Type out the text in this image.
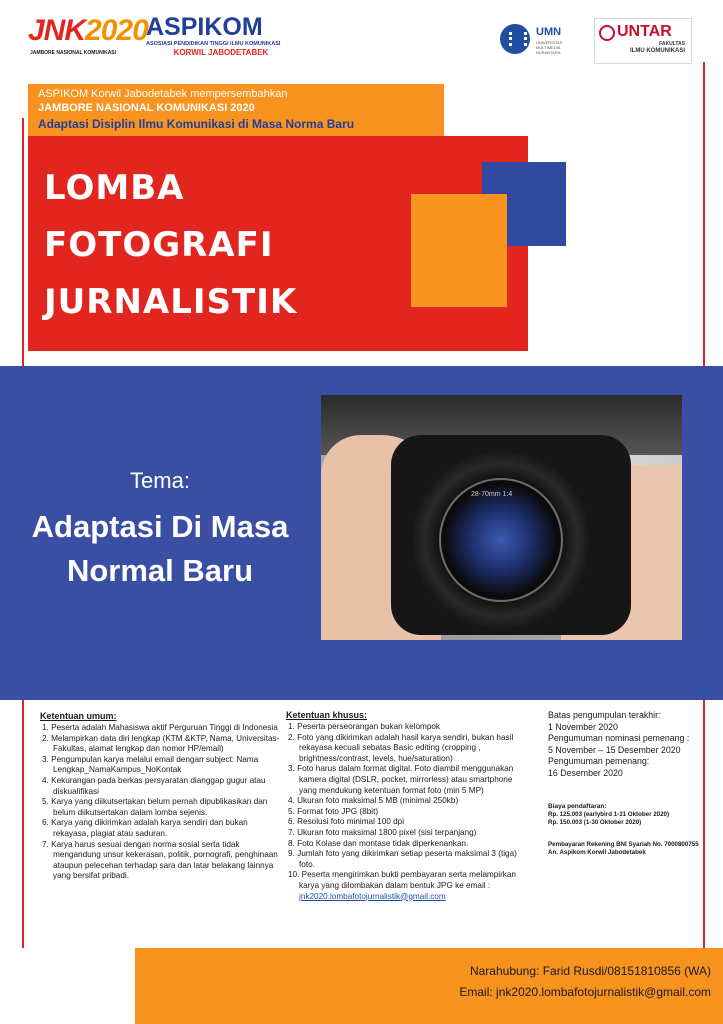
JNK2020
JAMBORE NASIONAL KOMUNIKASI
ASPIKOM
ASOSIASI PENDIDIKAN TINGGI ILMU KOMUNIKASI
KORWIL JABODETABEK
UMN
UNIVERSITAS MULTIMEDIA NUSANTARA
UNTAR
FAKULTAS
ILMU KOMUNIKASI
ASPIKOM Korwil Jabodetabek mempersembahkan
JAMBORE NASIONAL KOMUNIKASI 2020
Adaptasi Disiplin Ilmu Komunikasi di Masa Norma Baru
LOMBA
FOTOGRAFI
JURNALISTIK
Tema:
Adaptasi Di Masa
Normal Baru
28-70mm 1:4
Ketentuan umum:
1. Peserta adalah Mahasiswa aktif Perguruan Tinggi di Indonesia
2. Melampirkan data diri lengkap (KTM &KTP, Nama, Universitas-Fakultas, alamat lengkap dan nomor HP/email)
3. Pengumpulan karya melalui email dengan subject: Nama Lengkap_NamaKampus_NoKontak
4. Kekurangan pada berkas persyaratan dianggap gugur atau diskualifikasi
5. Karya yang diikutsertakan belum pernah dipublikasikan dan belum diikutsertakan dalam lomba sejenis.
6. Karya yang dikirimkan adalah karya sendiri dan bukan rekayasa, plagiat atau saduran.
7. Karya harus sesuai dengan norma sosial serta tidak mengandung unsur kekerasan, politik, pornografi, penghinaan ataupun pelecehan terhadap sara dan latar belakang lainnya yang bersifat pribadi.
Ketentuan khusus:
1. Peserta perseorangan bukan kelompok
2. Foto yang dikirimkan adalah hasil karya sendiri, bukan hasil rekayasa kecuali sebatas Basic editing (cropping , brightness/contrast, levels, hue/saturation)
3. Foto harus dalam format digital. Foto diambil menggunakan kamera digital (DSLR, pocket, mirrorless) atau smartphone yang mendukung ketentuan format foto (min 5 MP)
4. Ukuran foto maksimal 5 MB (minimal 250kb)
5. Format foto JPG (8bit)
6. Resolusi foto minimal 100 dpi
7. Ukuran foto maksimal 1800 pixel (sisi terpanjang)
8. Foto Kolase dan montase tidak diperkenankan.
9. Jumlah foto yang dikirimkan setiap peserta maksimal 3 (tiga) foto.
10. Peserta mengirimkan bukti pembayaran serta melampirkan karya yang dilombakan dalam bentuk JPG ke email :
jnk2020.lombafotojurnalistik@gmail.com
Batas pengumpulan terakhir:
1 November 2020
Pengumuman nominasi pemenang :
5 November – 15 Desember 2020
Pengumuman pemenang:
16 Desember 2020
Biaya pendaftaran:
Rp. 125.003 (earlybird 1-31 Oktober 2020)
Rp. 150.003 (1-30 Oktober 2020)
Pembayaran Rekening BNI Syariah No. 7000800755
An. Aspikom Korwil Jabodetabek
Narahubung: Farid Rusdi/08151810856 (WA)
Email: jnk2020.lombafotojurnalistik@gmail.com
